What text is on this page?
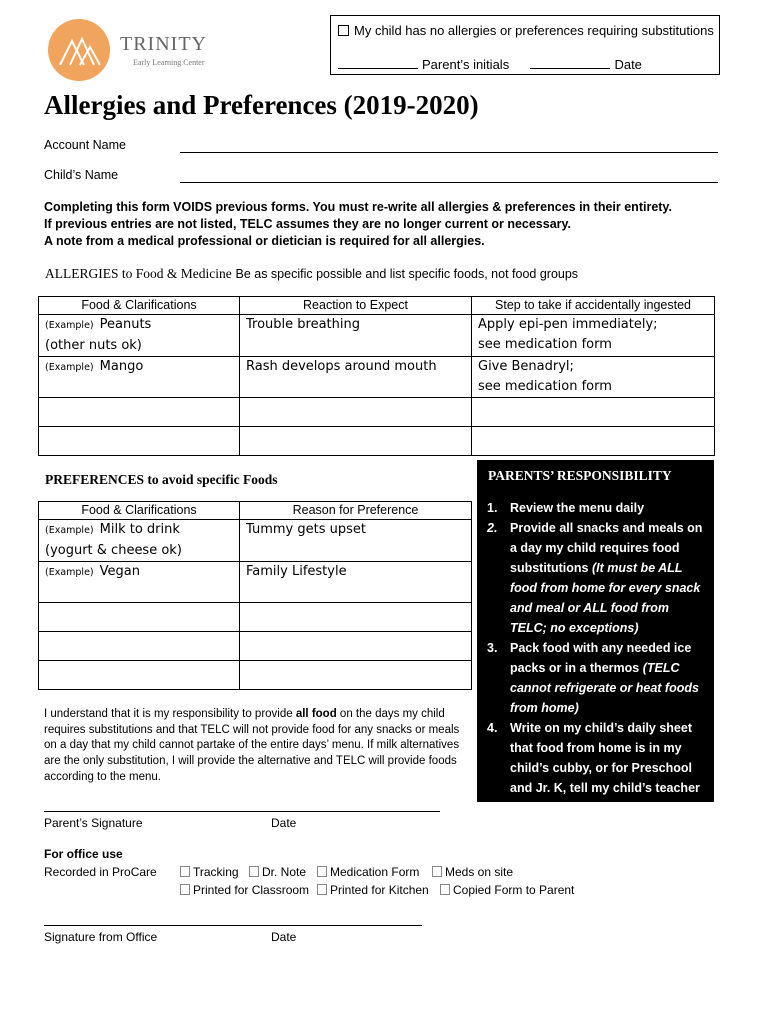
TRINITY
Early Learning Center
My child has no allergies or preferences requiring substitutions
Parent’s initials	Date
Allergies and Preferences (2019-2020)
Account Name
Child’s Name
Completing this form VOIDS previous forms. You must re-write all allergies & preferences in their entirety.
If previous entries are not listed, TELC assumes they are no longer current or necessary.
A note from a medical professional or dietician is required for all allergies.
ALLERGIES to Food & Medicine Be as specific possible and list specific foods, not food groups
Food & Clarifications	Reaction to Expect	Step to take if accidentally ingested
(Example) Peanuts
(other nuts ok)	Trouble breathing	Apply epi-pen immediately;
see medication form
(Example) Mango	Rash develops around mouth	Give Benadryl;
see medication form

PREFERENCES to avoid specific Foods
Food & Clarifications	Reason for Preference
(Example) Milk to drink
(yogurt & cheese ok)	Tummy gets upset
(Example) Vegan	Family Lifestyle

PARENTS’ RESPONSIBILITY
1. Review the menu daily
2. Provide all snacks and meals on a day my child requires food substitutions (It must be ALL food from home for every snack and meal or ALL food from TELC; no exceptions)
3. Pack food with any needed ice packs or in a thermos (TELC cannot refrigerate or heat foods from home)
4. Write on my child’s daily sheet that food from home is in my child’s cubby, or for Preschool and Jr. K, tell my child’s teacher
I understand that it is my responsibility to provide all food on the days my child requires substitutions and that TELC will not provide food for any snacks or meals on a day that my child cannot partake of the entire days’ menu. If milk alternatives are the only substitution, I will provide the alternative and TELC will provide foods according to the menu.
Parent’s Signature	Date
For office use
Recorded in ProCare	Tracking	Dr. Note	Medication Form	Meds on site
Printed for Classroom	Printed for Kitchen	Copied Form to Parent
Signature from Office	Date
